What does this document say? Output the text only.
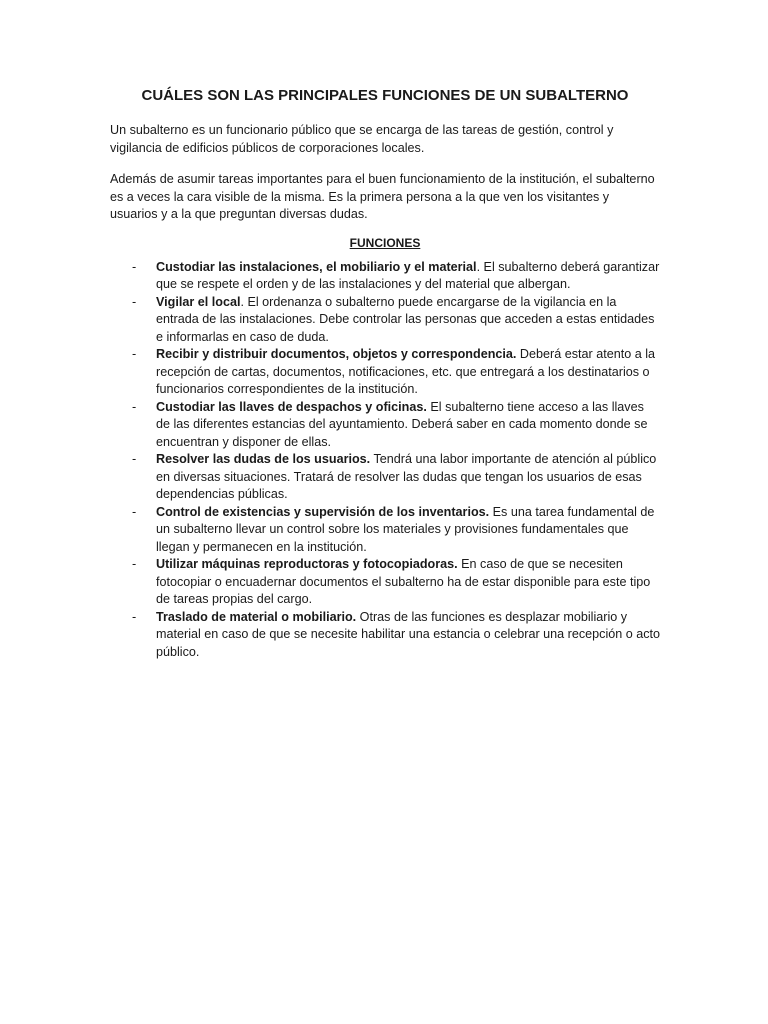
CUÁLES SON LAS PRINCIPALES FUNCIONES DE UN SUBALTERNO

Un subalterno es un funcionario público que se encarga de las tareas de gestión, control y vigilancia de edificios públicos de corporaciones locales.

Además de asumir tareas importantes para el buen funcionamiento de la institución, el subalterno es a veces la cara visible de la misma. Es la primera persona a la que ven los visitantes y usuarios y a la que preguntan diversas dudas.

FUNCIONES
- Custodiar las instalaciones, el mobiliario y el material. El subalterno deberá garantizar que se respete el orden y de las instalaciones y del material que albergan.
- Vigilar el local. El ordenanza o subalterno puede encargarse de la vigilancia en la entrada de las instalaciones. Debe controlar las personas que acceden a estas entidades e informarlas en caso de duda.
- Recibir y distribuir documentos, objetos y correspondencia. Deberá estar atento a la recepción de cartas, documentos, notificaciones, etc. que entregará a los destinatarios o funcionarios correspondientes de la institución.
- Custodiar las llaves de despachos y oficinas. El subalterno tiene acceso a las llaves de las diferentes estancias del ayuntamiento. Deberá saber en cada momento donde se encuentran y disponer de ellas.
- Resolver las dudas de los usuarios. Tendrá una labor importante de atención al público en diversas situaciones. Tratará de resolver las dudas que tengan los usuarios de esas dependencias públicas.
- Control de existencias y supervisión de los inventarios. Es una tarea fundamental de un subalterno llevar un control sobre los materiales y provisiones fundamentales que llegan y permanecen en la institución.
- Utilizar máquinas reproductoras y fotocopiadoras. En caso de que se necesiten fotocopiar o encuadernar documentos el subalterno ha de estar disponible para este tipo de tareas propias del cargo.
- Traslado de material o mobiliario. Otras de las funciones es desplazar mobiliario y material en caso de que se necesite habilitar una estancia o celebrar una recepción o acto público.
